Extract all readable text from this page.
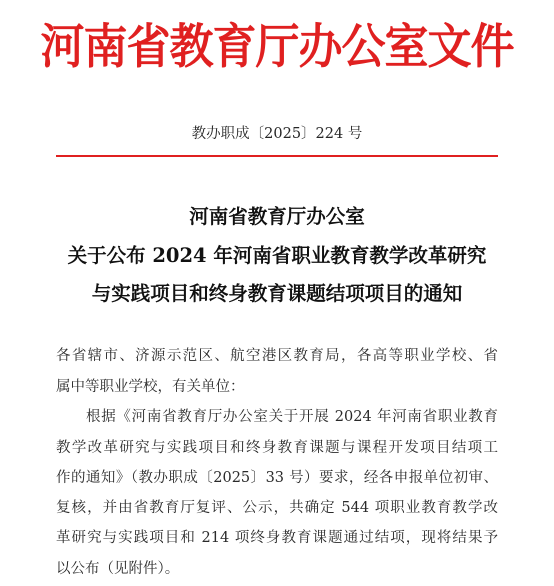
河南省教育厅办公室文件
教办职成〔2025〕224 号
河南省教育厅办公室
关于公布 2024 年河南省职业教育教学改革研究
与实践项目和终身教育课题结项项目的通知
各省辖市、济源示范区、航空港区教育局，各高等职业学校、省
属中等职业学校，有关单位：
根据《河南省教育厅办公室关于开展 2024 年河南省职业教育
教学改革研究与实践项目和终身教育课题与课程开发项目结项工
作的通知》（教办职成〔2025〕33 号）要求，经各申报单位初审、
复核，并由省教育厅复评、公示，共确定 544 项职业教育教学改
革研究与实践项目和 214 项终身教育课题通过结项，现将结果予
以公布（见附件）。
